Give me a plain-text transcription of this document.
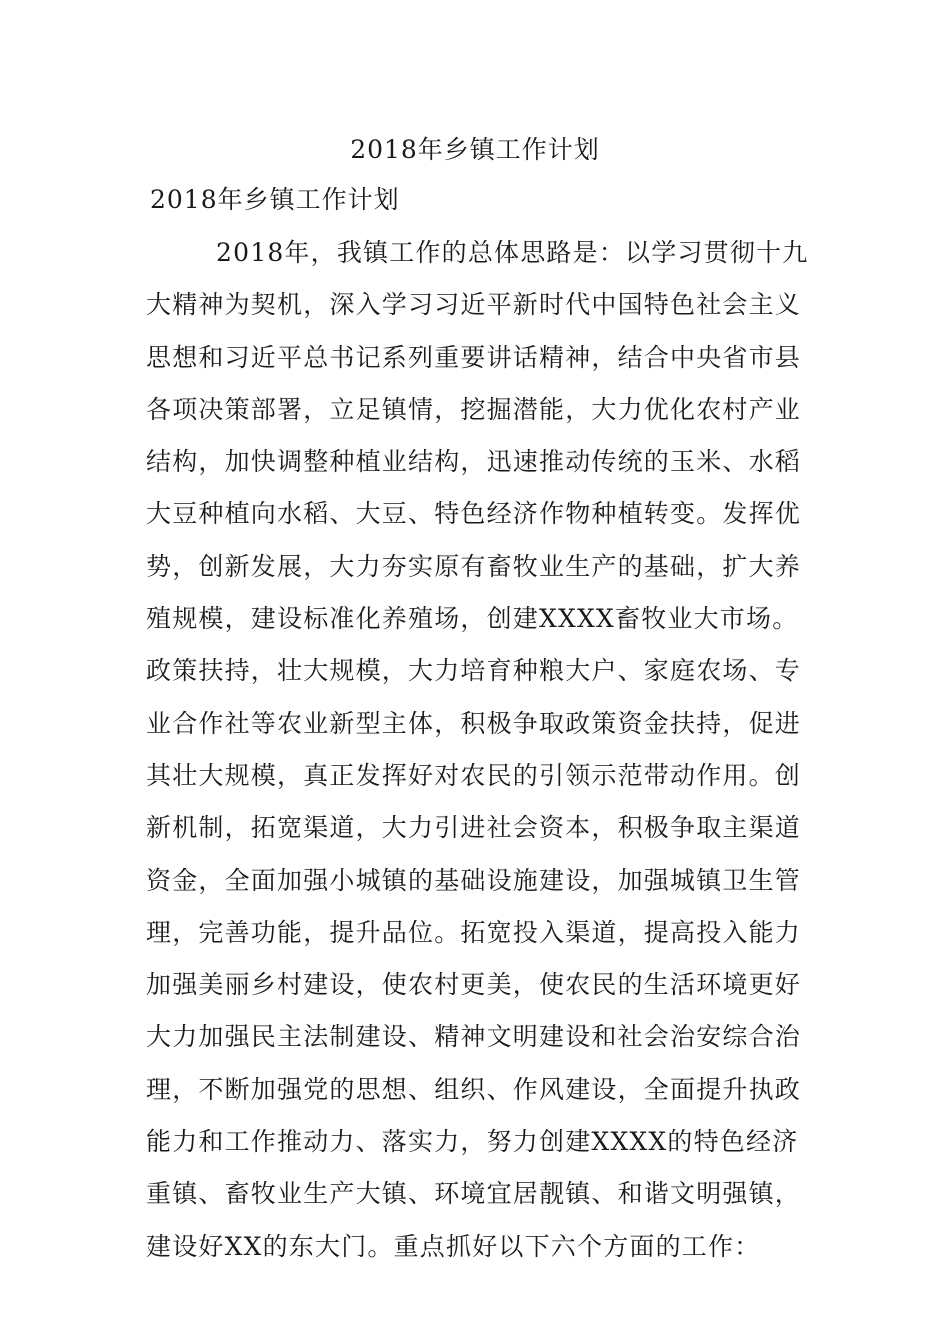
2018年乡镇工作计划
2018年乡镇工作计划
2018年，我镇工作的总体思路是：以学习贯彻十九
大精神为契机，深入学习习近平新时代中国特色社会主义
思想和习近平总书记系列重要讲话精神，结合中央省市县
各项决策部署，立足镇情，挖掘潜能，大力优化农村产业
结构，加快调整种植业结构，迅速推动传统的玉米、水稻
大豆种植向水稻、大豆、特色经济作物种植转变。发挥优
势，创新发展，大力夯实原有畜牧业生产的基础，扩大养
殖规模，建设标准化养殖场，创建XXXX畜牧业大市场。
政策扶持，壮大规模，大力培育种粮大户、家庭农场、专
业合作社等农业新型主体，积极争取政策资金扶持，促进
其壮大规模，真正发挥好对农民的引领示范带动作用。创
新机制，拓宽渠道，大力引进社会资本，积极争取主渠道
资金，全面加强小城镇的基础设施建设，加强城镇卫生管
理，完善功能，提升品位。拓宽投入渠道，提高投入能力
加强美丽乡村建设，使农村更美，使农民的生活环境更好
大力加强民主法制建设、精神文明建设和社会治安综合治
理，不断加强党的思想、组织、作风建设，全面提升执政
能力和工作推动力、落实力，努力创建XXXX的特色经济
重镇、畜牧业生产大镇、环境宜居靓镇、和谐文明强镇，
建设好XX的东大门。重点抓好以下六个方面的工作：
